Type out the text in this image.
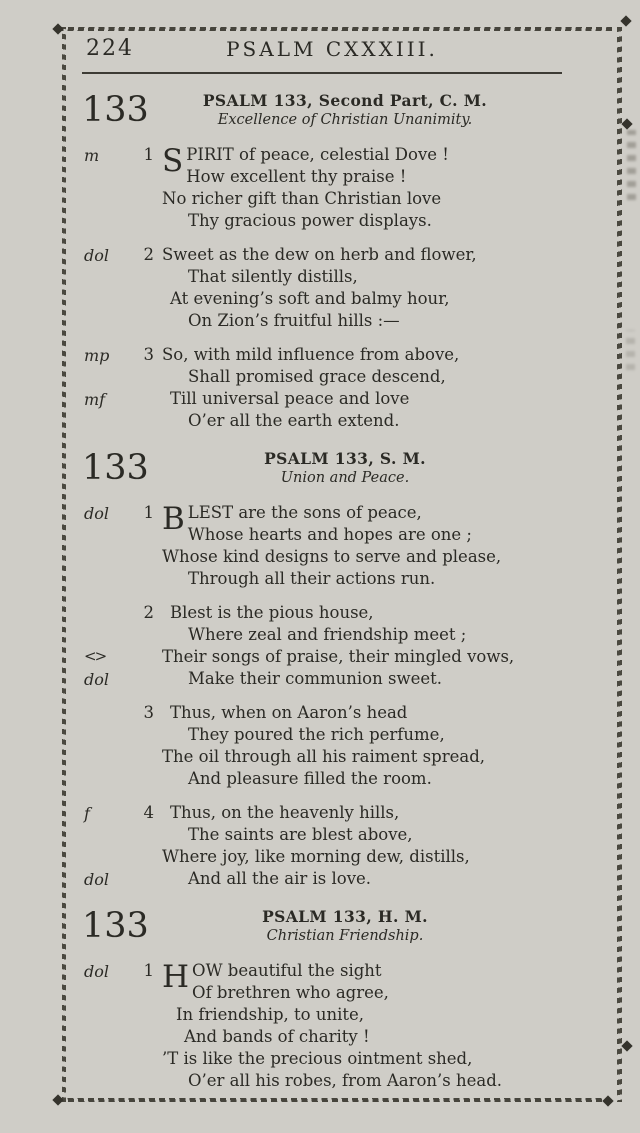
224	PSALM CXXXIII.
133	PSALM 133, Second Part, C. M.
Excellence of Christian Unanimity.
m	1 S PIRIT of peace, celestial Dove !
How excellent thy praise !
No richer gift than Christian love
Thy gracious power displays.
dol	2 Sweet as the dew on herb and flower,
That silently distills,
At evening’s soft and balmy hour,
On Zion’s fruitful hills :—
mp
mf
3 So, with mild influence from above,
Shall promised grace descend,
Till universal peace and love
O’er all the earth extend.
133	PSALM 133, S. M.
Union and Peace.
dol	1 B LEST are the sons of peace,
Whose hearts and hopes are one ;
Whose kind designs to serve and please,
Through all their actions run.
<>
dol
2 Blest is the pious house,
Where zeal and friendship meet ;
Their songs of praise, their mingled vows,
Make their communion sweet.
3 Thus, when on Aaron’s head
They poured the rich perfume,
The oil through all his raiment spread,
And pleasure filled the room.
f
dol
4 Thus, on the heavenly hills,
The saints are blest above,
Where joy, like morning dew, distills,
And all the air is love.
133	PSALM 133, H. M.
Christian Friendship.
dol	1 H OW beautiful the sight
Of brethren who agree,
In friendship, to unite,
And bands of charity !
’T is like the precious ointment shed,
O’er all his robes, from Aaron’s head.
